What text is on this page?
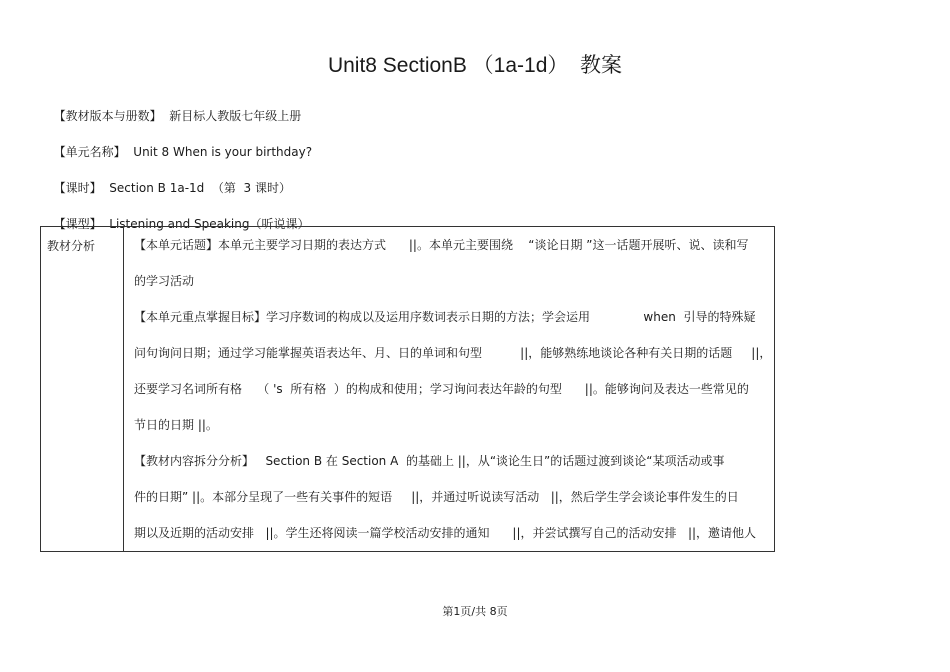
Unit8 SectionB （1a-1d）  教案

【教材版本与册数】  新目标人教版七年级上册

【单元名称】  Unit 8 When is your birthday?

【课时】  Section B 1a-1d  （第  3 课时）

【课型】  Listening and Speaking（听说课）

教材分析	【本单元话题】本单元主要学习日期的表达方式      ||。本单元主要围绕    “谈论日期 ”这一话题开展听、说、读和写
的学习活动
【本单元重点掌握目标】学习序数词的构成以及运用序数词表示日期的方法；学会运用              when  引导的特殊疑
问句询问日期；通过学习能掌握英语表达年、月、日的单词和句型          ||，能够熟练地谈论各种有关日期的话题     ||，
还要学习名词所有格    （ 's  所有格  ）的构成和使用；学习询问表达年龄的句型      ||。能够询问及表达一些常见的
节日的日期 ||。
【教材内容拆分分析】   Section B 在 Section A  的基础上 ||，从“谈论生日”的话题过渡到谈论“某项活动或事
件的日期” ||。本部分呈现了一些有关事件的短语     ||，并通过听说读写活动   ||，然后学生学会谈论事件发生的日
期以及近期的活动安排   ||。学生还将阅读一篇学校活动安排的通知      ||，并尝试撰写自己的活动安排   ||，邀请他人
第1页/共 8页
